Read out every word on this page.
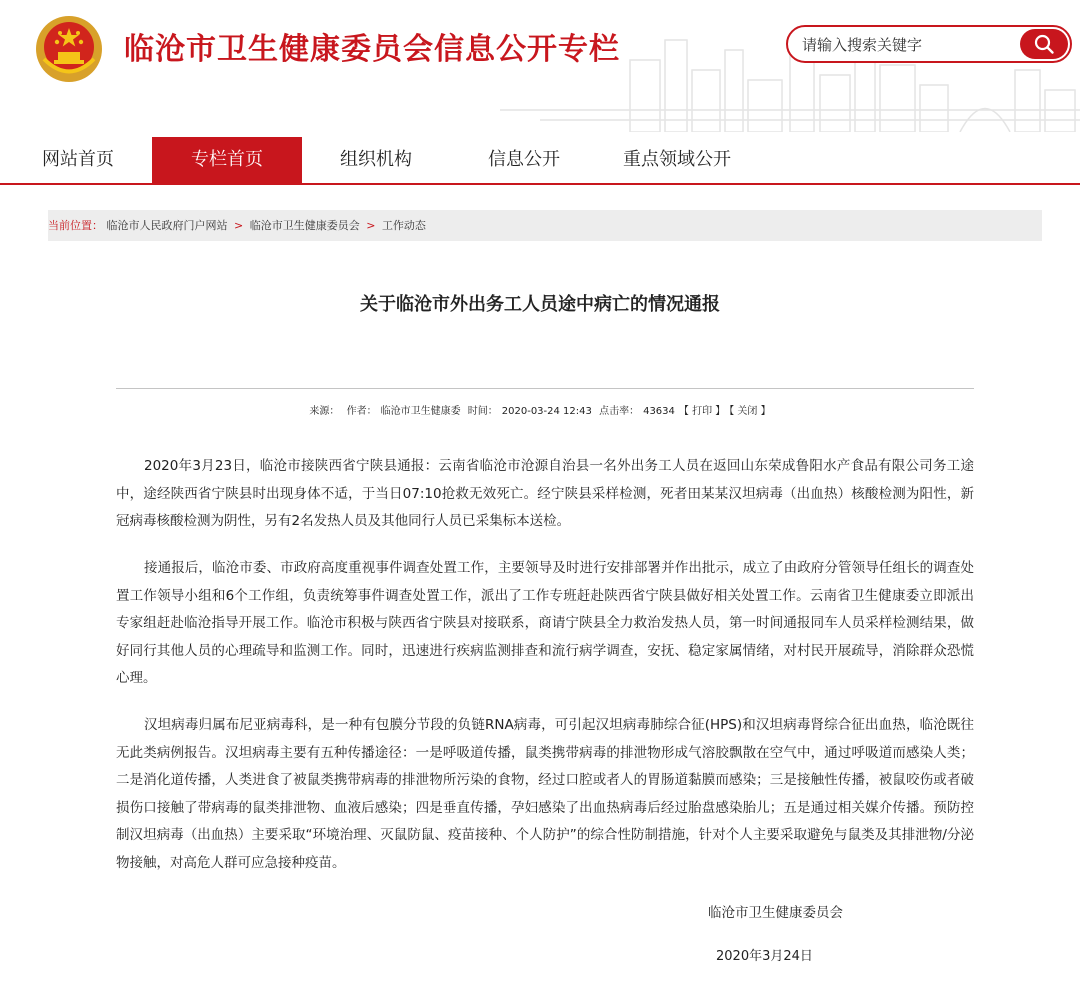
临沧市卫生健康委员会信息公开专栏
请输入搜索关键字
网站首页	专栏首页	组织机构	信息公开	重点领域公开
当前位置： 临沧市人民政府门户网站 > 临沧市卫生健康委员会 > 工作动态
关于临沧市外出务工人员途中病亡的情况通报
来源： 作者： 临沧市卫生健康委 时间： 2020-03-24 12:43 点击率： 43634 【 打印 】 【 关闭 】

2020年3月23日，临沧市接陕西省宁陕县通报：云南省临沧市沧源自治县一名外出务工人员在返回山东荣成鲁阳水产食品有限公司务工途中，途经陕西省宁陕县时出现身体不适，于当日07:10抢救无效死亡。经宁陕县采样检测，死者田某某汉坦病毒（出血热）核酸检测为阳性，新冠病毒核酸检测为阴性，另有2名发热人员及其他同行人员已采集标本送检。

接通报后，临沧市委、市政府高度重视事件调查处置工作，主要领导及时进行安排部署并作出批示，成立了由政府分管领导任组长的调查处置工作领导小组和6个工作组，负责统筹事件调查处置工作，派出了工作专班赶赴陕西省宁陕县做好相关处置工作。云南省卫生健康委立即派出专家组赶赴临沧指导开展工作。临沧市积极与陕西省宁陕县对接联系，商请宁陕县全力救治发热人员，第一时间通报同车人员采样检测结果，做好同行其他人员的心理疏导和监测工作。同时，迅速进行疾病监测排查和流行病学调查，安抚、稳定家属情绪，对村民开展疏导，消除群众恐慌心理。

汉坦病毒归属布尼亚病毒科，是一种有包膜分节段的负链RNA病毒，可引起汉坦病毒肺综合征(HPS)和汉坦病毒肾综合征出血热，临沧既往无此类病例报告。汉坦病毒主要有五种传播途径：一是呼吸道传播，鼠类携带病毒的排泄物形成气溶胶飘散在空气中，通过呼吸道而感染人类；二是消化道传播，人类进食了被鼠类携带病毒的排泄物所污染的食物，经过口腔或者人的胃肠道黏膜而感染；三是接触性传播，被鼠咬伤或者破损伤口接触了带病毒的鼠类排泄物、血液后感染；四是垂直传播，孕妇感染了出血热病毒后经过胎盘感染胎儿；五是通过相关媒介传播。预防控制汉坦病毒（出血热）主要采取“环境治理、灭鼠防鼠、疫苗接种、个人防护”的综合性防制措施，针对个人主要采取避免与鼠类及其排泄物/分泌物接触，对高危人群可应急接种疫苗。

临沧市卫生健康委员会
2020年3月24日
